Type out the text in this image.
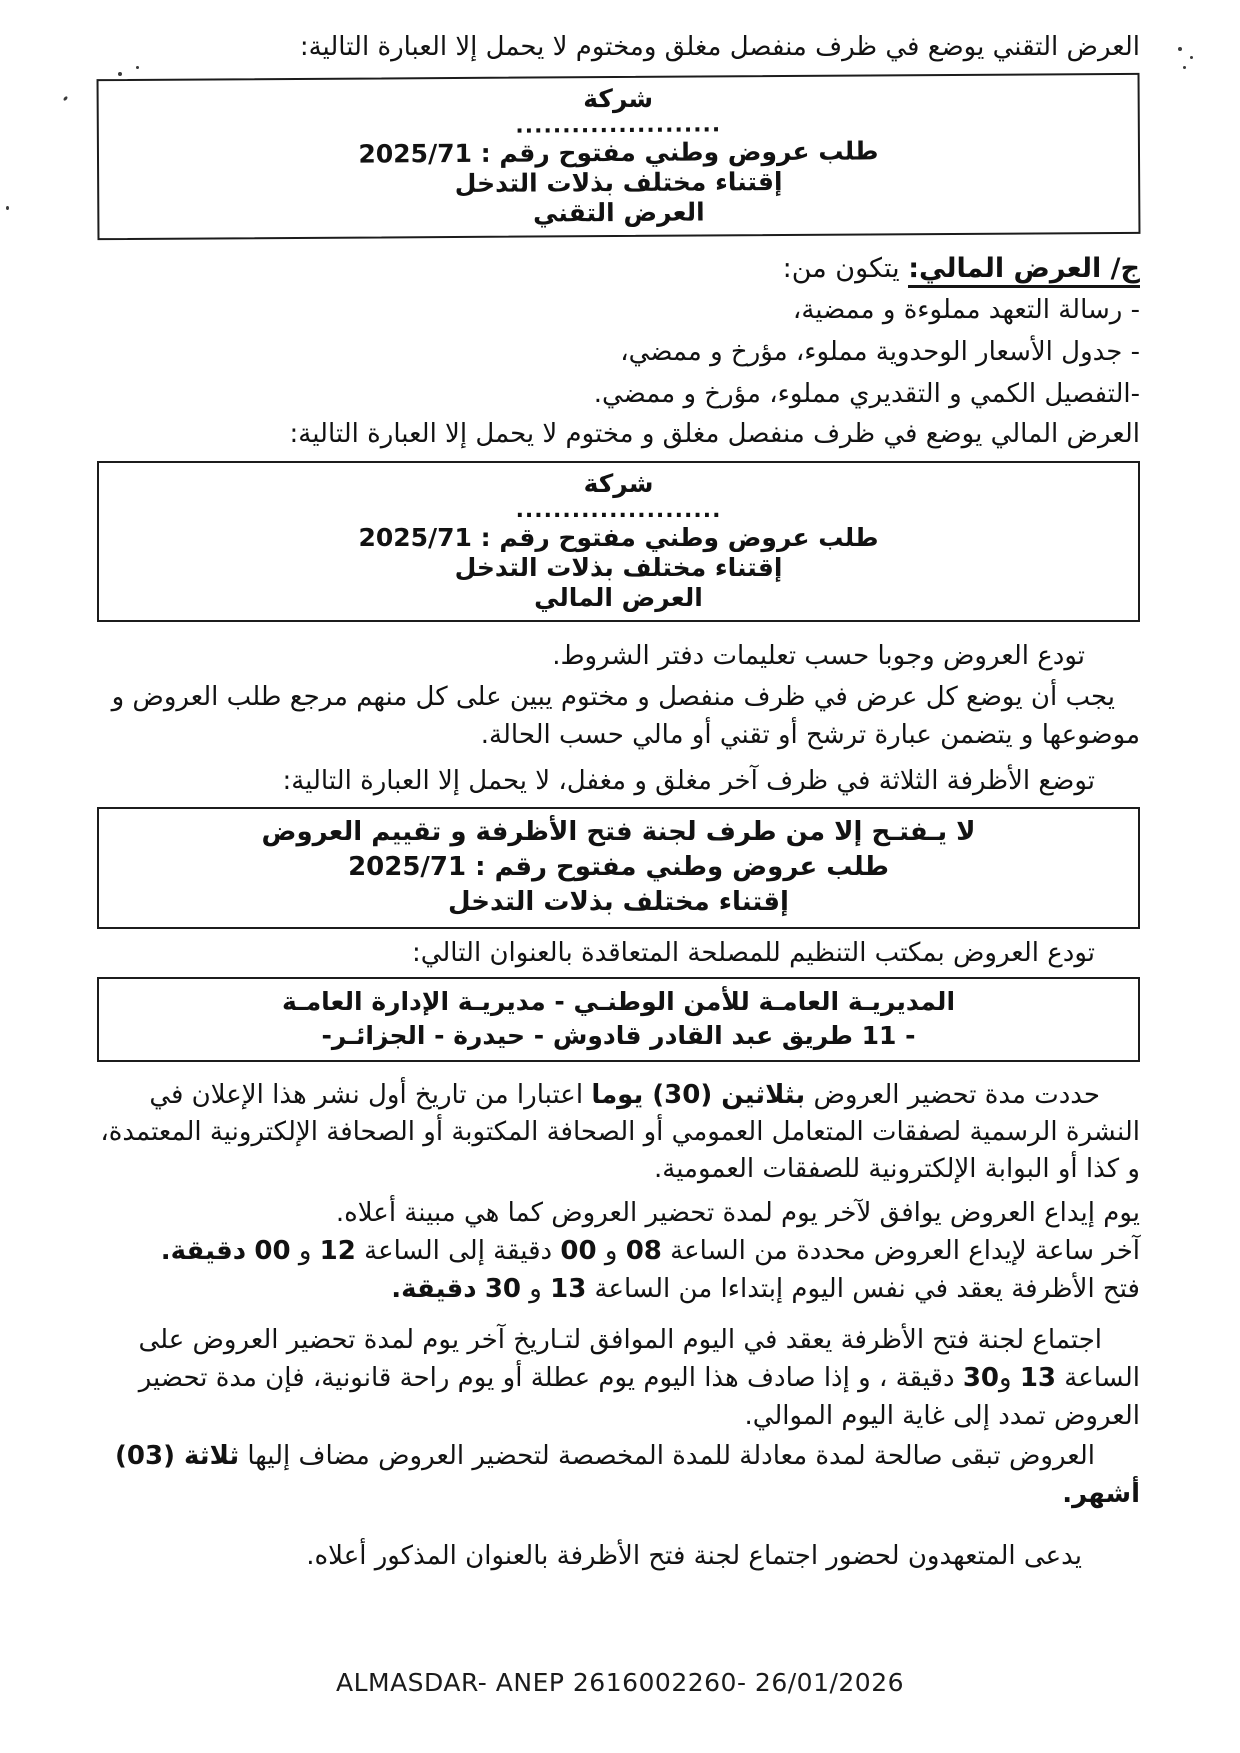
العرض التقني يوضع في ظرف منفصل مغلق ومختوم لا يحمل إلا العبارة التالية:

شركة
......................
طلب عروض وطني مفتوح رقم : 2025/71
إقتناء مختلف بذلات التدخل
العرض التقني

ج/ العرض المالي: يتكون من:

- رسالة التعهد مملوءة و ممضية،

- جدول الأسعار الوحدوية مملوء، مؤرخ و ممضي،

-التفصيل الكمي و التقديري مملوء، مؤرخ و ممضي.

العرض المالي يوضع في ظرف منفصل مغلق و مختوم لا يحمل إلا العبارة التالية:

شركة
......................
طلب عروض وطني مفتوح رقم : 2025/71
إقتناء مختلف بذلات التدخل
العرض المالي

تودع العروض وجوبا حسب تعليمات دفتر الشروط.

يجب أن يوضع كل عرض في ظرف منفصل و مختوم يبين على كل منهم مرجع طلب العروض و موضوعها و يتضمن عبارة ترشح أو تقني أو مالي حسب الحالة.

توضع الأظرفة الثلاثة في ظرف آخر مغلق و مغفل، لا يحمل إلا العبارة التالية:

لا يـفتـح إلا من طرف لجنة فتح الأظرفة و تقييم العروض
طلب عروض وطني مفتوح رقم : 2025/71
إقتناء مختلف بذلات التدخل

تودع العروض بمكتب التنظيم للمصلحة المتعاقدة بالعنوان التالي:

المديريـة العامـة للأمن الوطنـي - مديريـة الإدارة العامـة
- 11 طريق عبد القادر قادوش - حيدرة - الجزائـر-

حددت مدة تحضير العروض بثلاثين (30) يوما اعتبارا من تاريخ أول نشر هذا الإعلان في النشرة الرسمية لصفقات المتعامل العمومي أو الصحافة المكتوبة أو الصحافة الإلكترونية المعتمدة، و كذا أو البوابة الإلكترونية للصفقات العمومية.

يوم إيداع العروض يوافق لآخر يوم لمدة تحضير العروض كما هي مبينة أعلاه.

آخر ساعة لإيداع العروض محددة من الساعة 08 و 00 دقيقة إلى الساعة 12 و 00 دقيقة.

فتح الأظرفة يعقد في نفس اليوم إبتداءا من الساعة 13 و 30 دقيقة.

اجتماع لجنة فتح الأظرفة يعقد في اليوم الموافق لتـاريخ آخر يوم لمدة تحضير العروض على الساعة 13 و30 دقيقة ، و إذا صادف هذا اليوم يوم عطلة أو يوم راحة قانونية، فإن مدة تحضير العروض تمدد إلى غاية اليوم الموالي.

العروض تبقى صالحة لمدة معادلة للمدة المخصصة لتحضير العروض مضاف إليها ثلاثة (03) أشهر.

يدعى المتعهدون لحضور اجتماع لجنة فتح الأظرفة بالعنوان المذكور أعلاه.

ALMASDAR- ANEP 2616002260- 26/01/2026
